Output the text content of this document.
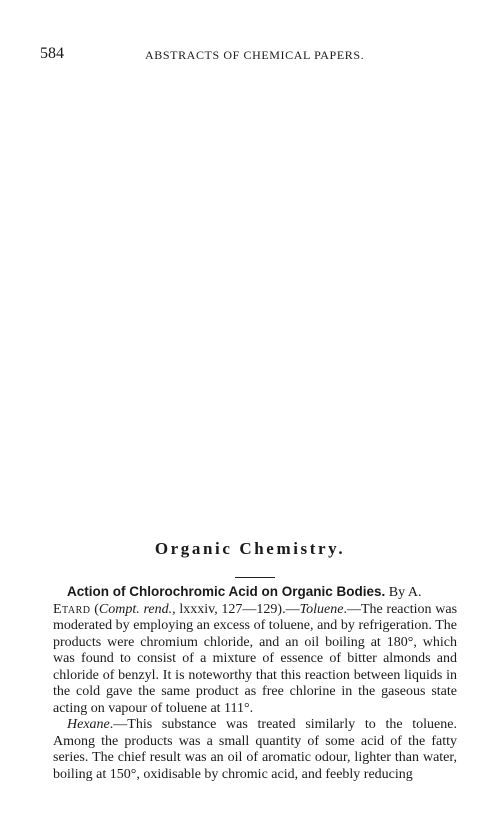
584	ABSTRACTS OF CHEMICAL PAPERS.
Organic Chemistry.

Action of Chlorochromic Acid on Organic Bodies. By A.
Etard (Compt. rend., lxxxiv, 127—129).—Toluene.—The reaction was moderated by employing an excess of toluene, and by refrigeration. The products were chromium chloride, and an oil boiling at 180°, which was found to consist of a mixture of essence of bitter almonds and chloride of benzyl. It is noteworthy that this reaction between liquids in the cold gave the same product as free chlorine in the gaseous state acting on vapour of toluene at 111°.

Hexane.—This substance was treated similarly to the toluene. Among the products was a small quantity of some acid of the fatty series. The chief result was an oil of aromatic odour, lighter than water, boiling at 150°, oxidisable by chromic acid, and feebly reducing
